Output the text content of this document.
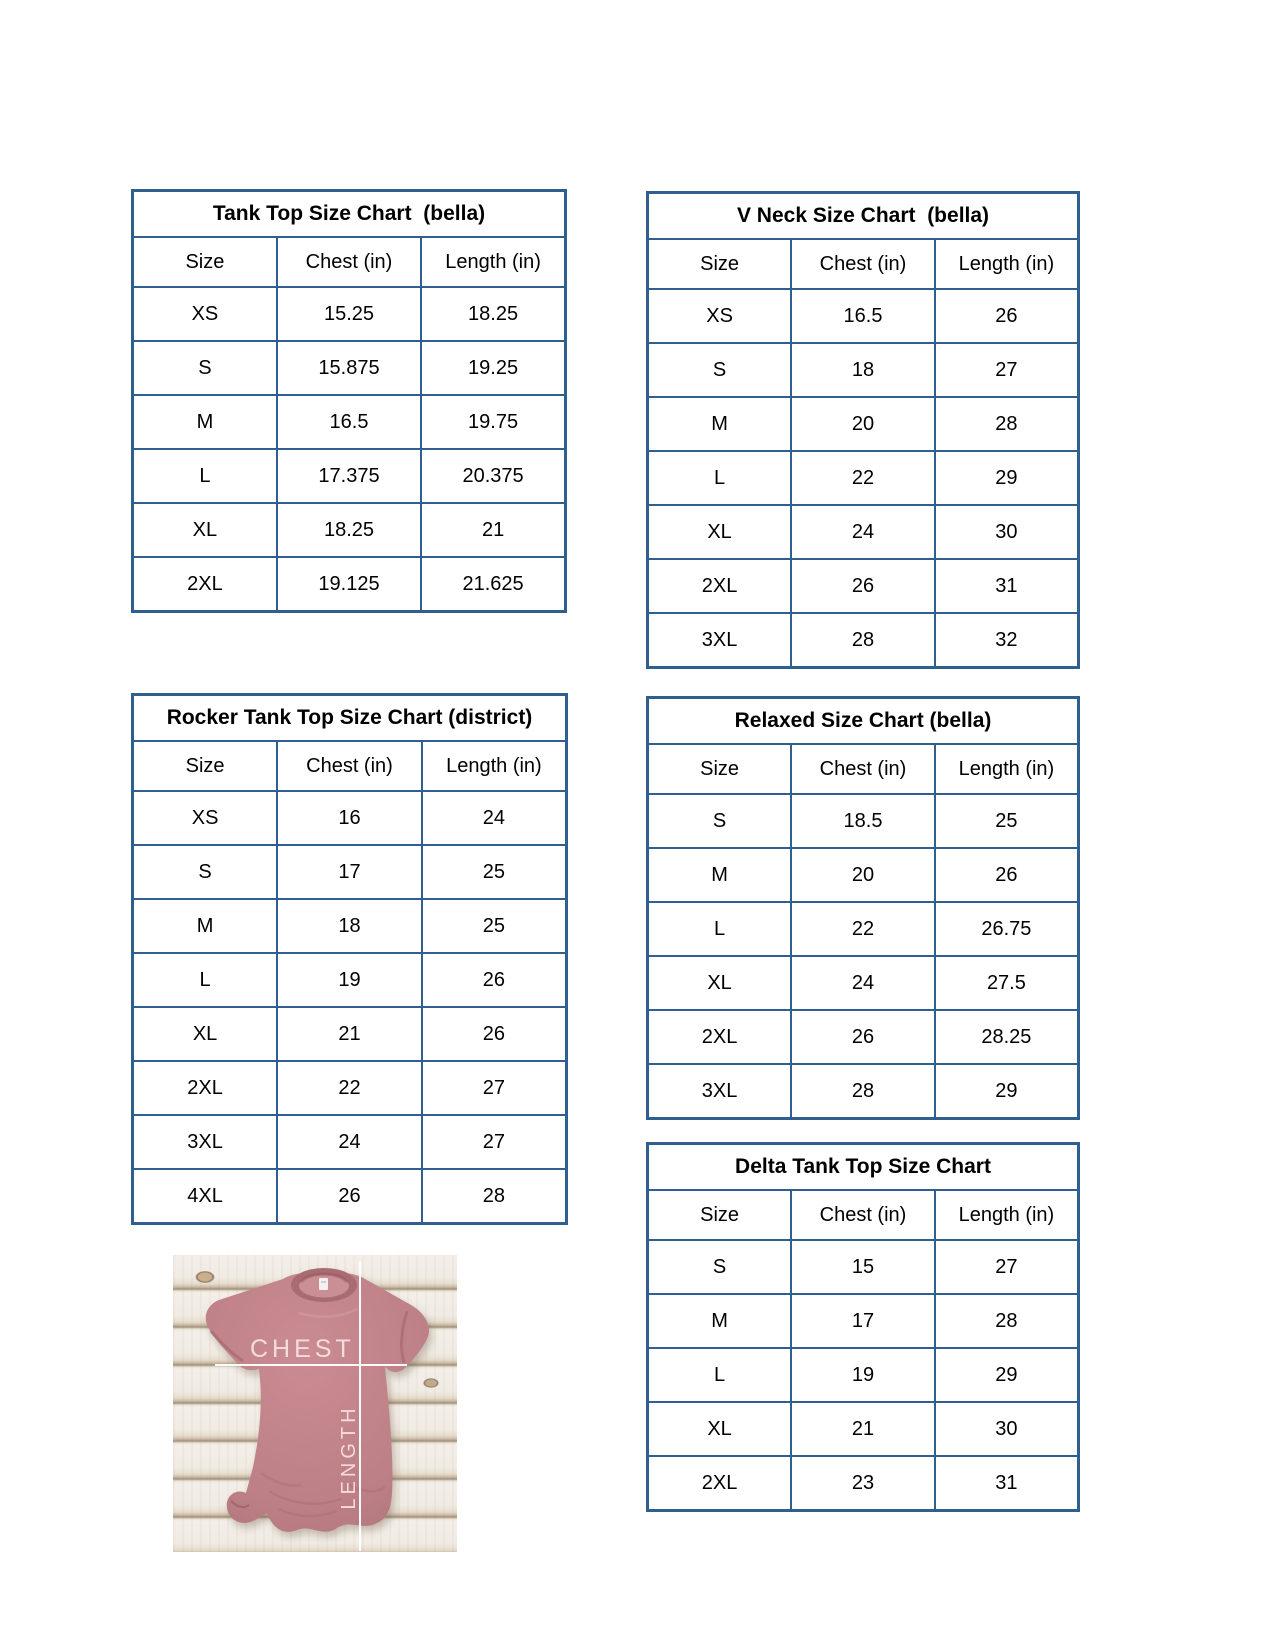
Tank Top Size Chart  (bella)		
Size	Chest (in)	Length (in)
XS	15.25	18.25
S	15.875	19.25
M	16.5	19.75
L	17.375	20.375
XL	18.25	21
2XL	19.125	21.625
V Neck Size Chart  (bella)		
Size	Chest (in)	Length (in)
XS	16.5	26
S	18	27
M	20	28
L	22	29
XL	24	30
2XL	26	31
3XL	28	32
Rocker Tank Top Size Chart (district)		
Size	Chest (in)	Length (in)
XS	16	24
S	17	25
M	18	25
L	19	26
XL	21	26
2XL	22	27
3XL	24	27
4XL	26	28
Relaxed Size Chart (bella)		
Size	Chest (in)	Length (in)
S	18.5	25
M	20	26
L	22	26.75
XL	24	27.5
2XL	26	28.25
3XL	28	29
Delta Tank Top Size Chart		
Size	Chest (in)	Length (in)
S	15	27
M	17	28
L	19	29
XL	21	30
2XL	23	31
CHEST
LENGTH
